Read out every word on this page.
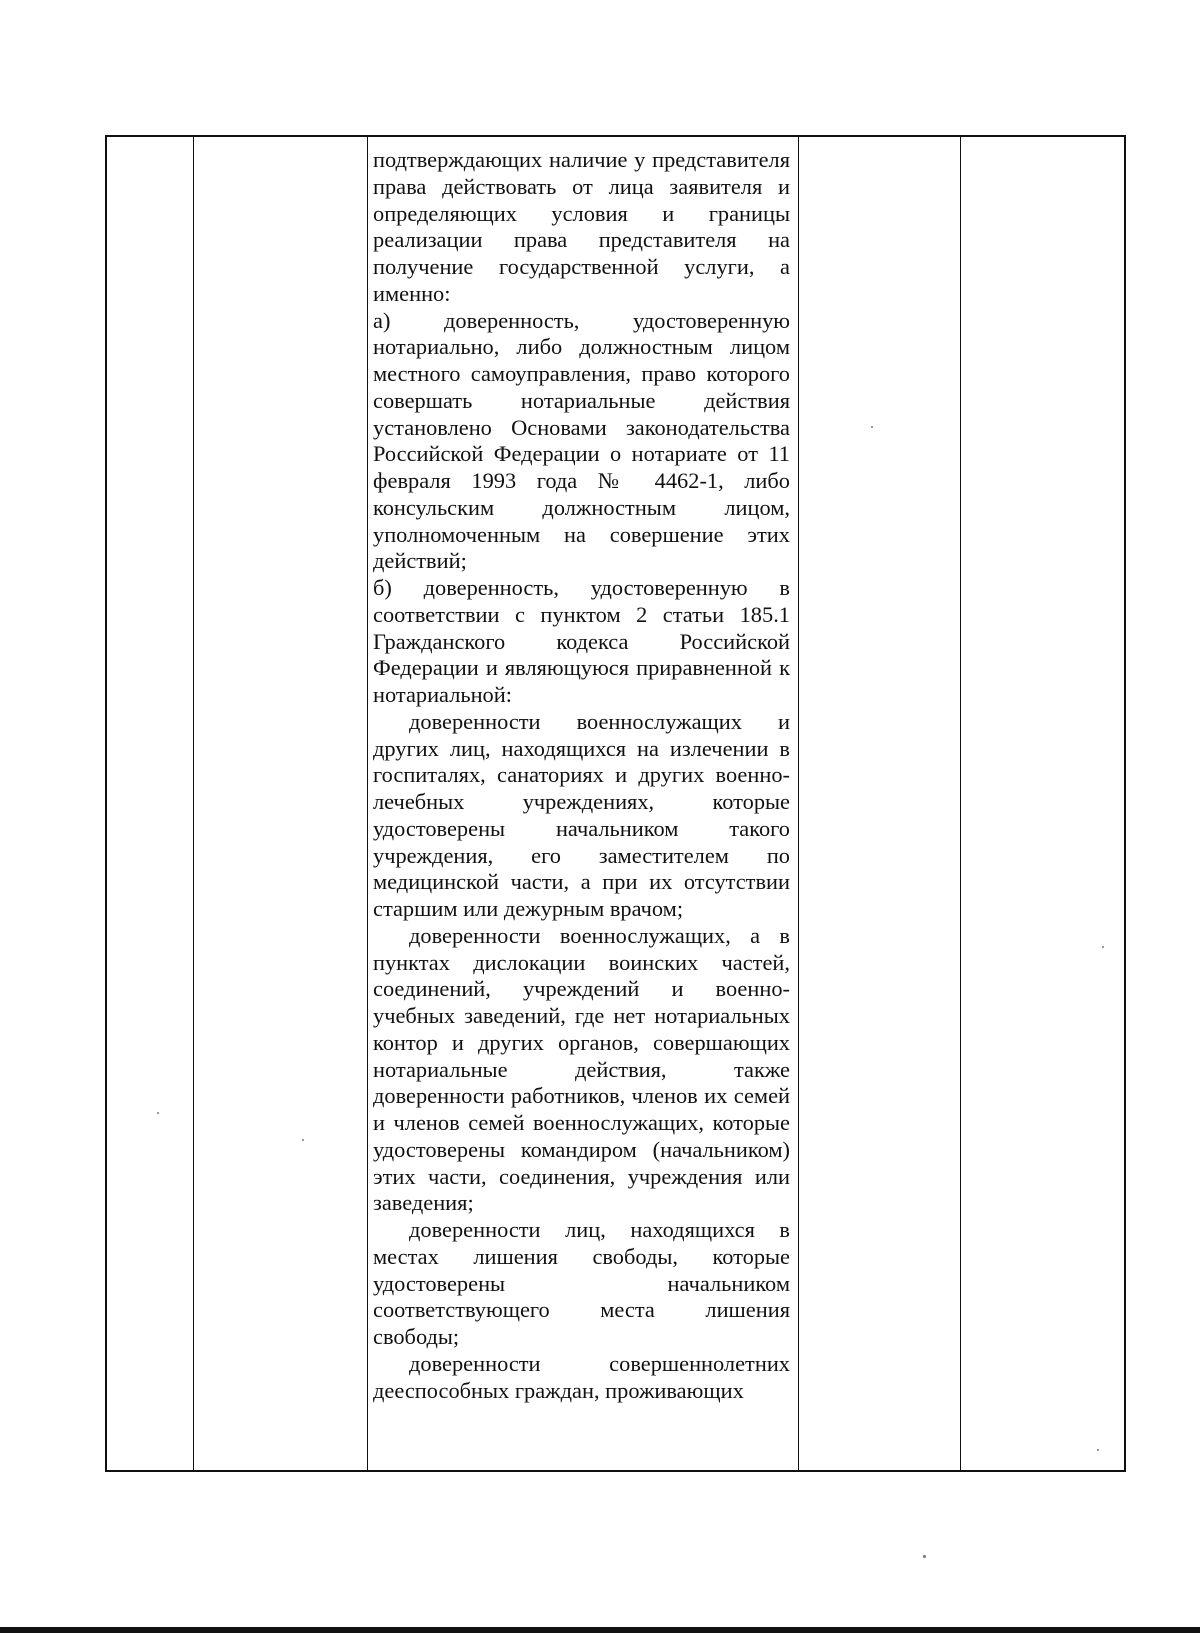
подтверждающих наличие у представителя права действовать от лица заявителя и определяющих условия и границы реализации права представителя на получение государственной услуги, а именно:

а) доверенность, удостоверенную нотариально, либо должностным лицом местного самоуправления, право которого совершать нотариальные действия установлено Основами законодательства Российской Федерации о нотариате от 11 февраля 1993 года № 4462-1, либо консульским должностным лицом, уполномоченным на совершение этих действий;

б) доверенность, удостоверенную в соответствии с пунктом 2 статьи 185.1 Гражданского кодекса Российской Федерации и являющуюся приравненной к нотариальной:

доверенности военнослужащих и других лиц, находящихся на излечении в госпиталях, санаториях и других военно-лечебных учреждениях, которые удостоверены начальником такого учреждения, его заместителем по медицинской части, а при их отсутствии старшим или дежурным врачом;

доверенности военнослужащих, а в пунктах дислокации воинских частей, соединений, учреждений и военно-учебных заведений, где нет нотариальных контор и других органов, совершающих нотариальные действия, также доверенности работников, членов их семей и членов семей военнослужащих, которые удостоверены командиром (начальником) этих части, соединения, учреждения или заведения;

доверенности лиц, находящихся в местах лишения свободы, которые удостоверены начальником соответствующего места лишения свободы;

доверенности совершеннолетних дееспособных граждан, проживающих
